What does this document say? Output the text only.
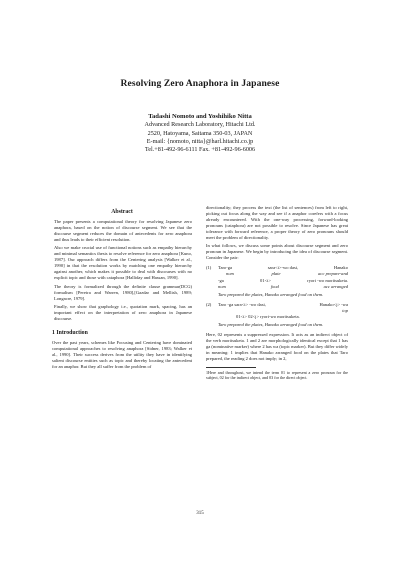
Resolving Zero Anaphora in Japanese
Tadashi Nomoto and Yoshihiko Nitta
Advanced Research Laboratory, Hitachi Ltd.
2520, Hatoyama, Saitama 350-03, JAPAN
E-mail: {nomoto, nitta}@harl.hitachi.co.jp
Tel.+81-492-96-6111 Fax. +81-492-96-6006
Abstract

The paper presents a computational theory for resolving Japanese zero anaphora, based on the notion of discourse segment. We see that the discourse segment reduces the domain of antecedents for zero anaphora and thus leads to their efficient resolution.

Also we make crucial use of functional notions such as empathy hierarchy and minimal semantics thesis to resolve reference for zero anaphora [Kuno, 1987]. Our approach differs from the Centering analysis [Walker et al., 1990] in that the resolution works by matching one empathy hierarchy against another, which makes it possible to deal with discourses with no explicit topic and those with cataphora [Halliday and Hassan, 1990].

The theory is formalized through the definite clause grammar(DCG) formalism [Pereira and Warren, 1980],[Gazdar and Mellish, 1989; Longacre, 1979].

Finally, we show that graphology i.e., quotation mark, spacing, has an important effect on the interpretation of zero anaphora in Japanese discourse.

1 Introduction

Over the past years, schemes like Focusing and Centering have dominated computational approaches to resolving anaphora [Sidner, 1983; Walker et al., 1990]. Their success derives from the utility they have in identifying salient discourse entities such as topic and thereby locating the antecedent for an anaphor. But they all suffer from the problem of

directionality; they process the text (the list of sentences) from left to right, picking out focus along the way and see if a anaphor corefers with a focus already encountered. With the one-way processing, forward-looking pronouns (cataphora) are not possible to resolve. Since Japanese has great tolerance with forward reference, a proper theory of zero pronouns should meet the problem of directionality.

In what follows, we discuss some points about discourse segment and zero pronoun in Japanese. We begin by introducing the idea of discourse segment. Consider the pair:

(1)	Taro-ga	sara<i>-wo dasi,	Hanako
nom	plate	acc prepare-and
-ga	01<i>	ryori -wo moritsuketa.
nom	food	acc arranged
Taro prepared the plates, Hanako arranged food on them.
(2)	Taro -ga sara<i> -wo dasi,	Hanako<j> -wa
top
01<i> 02<j> ryori-wo moritsuketa.
Taro prepared the plates, Hanako arranged food on them.

Here, 02 represents a suppressed expression. It acts as an indirect object of the verb moritsuketa. 1 and 2 are morphologically identical except that 1 has ga (nominative marker) where 2 has wa (topic marker). But they differ widely in meaning: 1 implies that Hanako arranged food on the plates that Taro prepared, the reading 2 does not imply; in 2,

1Here and throughout, we intend the term 01 to represent a zero pronoun for the subject, 02 for the indirect object, and 03 for the direct object.
315
